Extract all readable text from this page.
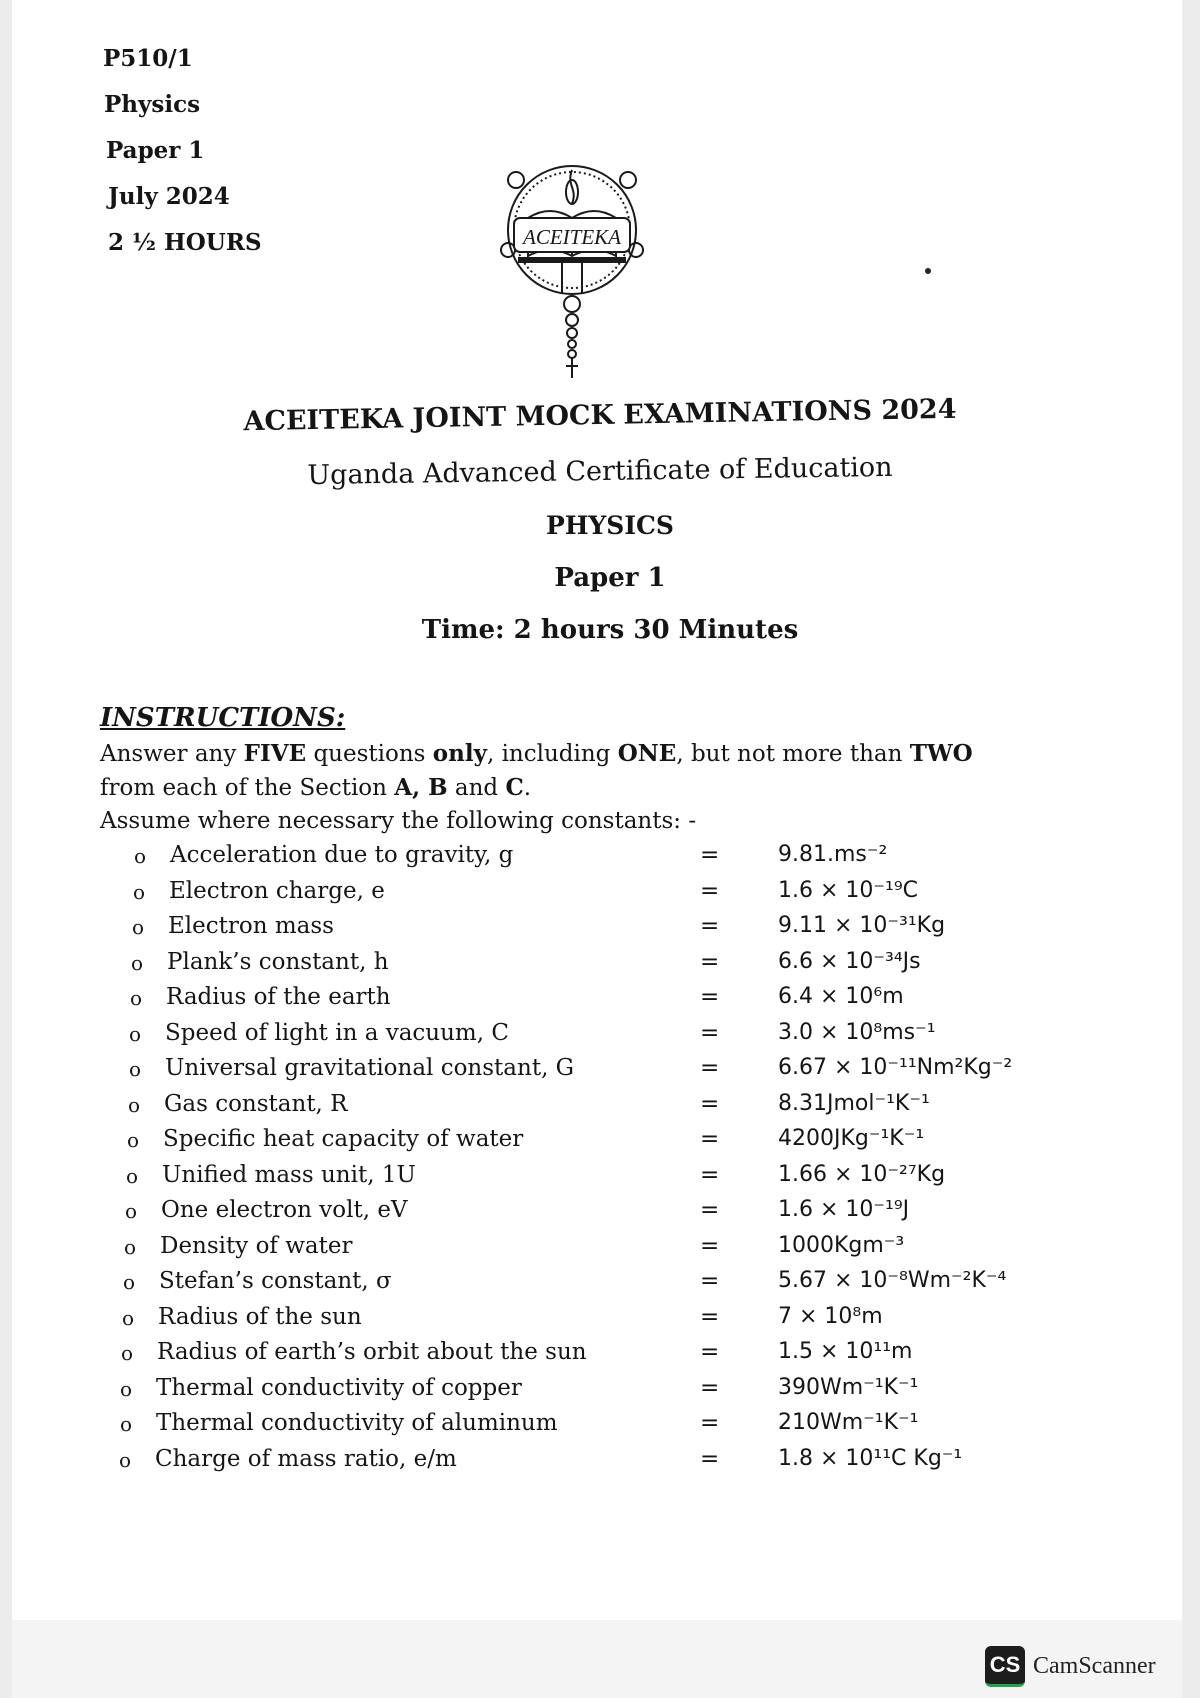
P510/1
Physics
Paper 1
July 2024
2 ½ HOURS	ACEITEKA
ACEITEKA JOINT MOCK EXAMINATIONS 2024
Uganda Advanced Certificate of Education
PHYSICS
Paper 1
Time: 2 hours 30 Minutes
INSTRUCTIONS:
Answer any FIVE questions only, including ONE, but not more than TWO
from each of the Section A, B and C.
Assume where necessary the following constants: -
o Acceleration due to gravity, g	=	9.81.ms⁻²
o Electron charge, e	=	1.6 × 10⁻¹⁹C
o Electron mass	=	9.11 × 10⁻³¹Kg
o Plank’s constant, h	=	6.6 × 10⁻³⁴Js
o Radius of the earth	=	6.4 × 10⁶m
o Speed of light in a vacuum, C	=	3.0 × 10⁸ms⁻¹
o Universal gravitational constant, G	=	6.67 × 10⁻¹¹Nm²Kg⁻²
o Gas constant, R	=	8.31Jmol⁻¹K⁻¹
o Specific heat capacity of water	=	4200JKg⁻¹K⁻¹
o Unified mass unit, 1U	=	1.66 × 10⁻²⁷Kg
o One electron volt, eV	=	1.6 × 10⁻¹⁹J
o Density of water	=	1000Kgm⁻³
o Stefan’s constant, σ	=	5.67 × 10⁻⁸Wm⁻²K⁻⁴
o Radius of the sun	=	7 × 10⁸m
o Radius of earth’s orbit about the sun	=	1.5 × 10¹¹m
o Thermal conductivity of copper	=	390Wm⁻¹K⁻¹
o Thermal conductivity of aluminum	=	210Wm⁻¹K⁻¹
o Charge of mass ratio, e/m	=	1.8 × 10¹¹C Kg⁻¹
CS CamScanner
